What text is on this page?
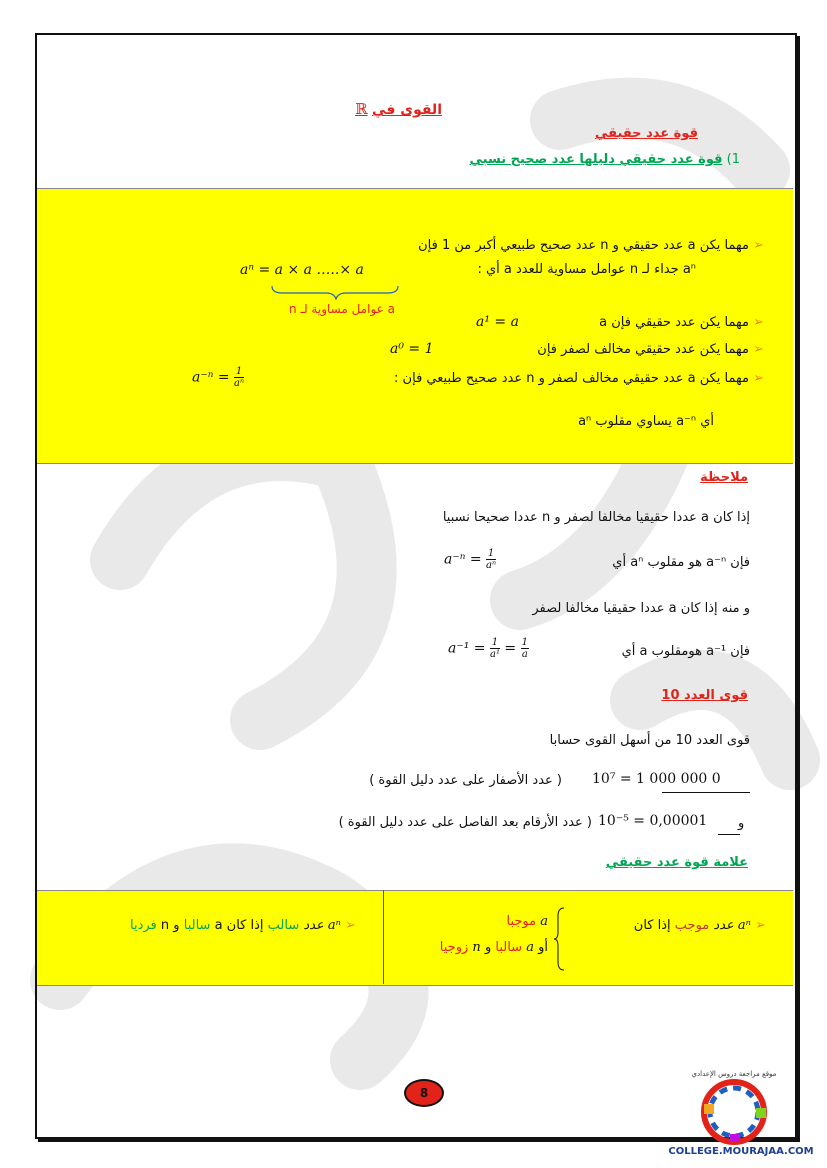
القوى في ℝ
قوة عدد حقيقي
1) قوة عدد حقيقي دليلها عدد صحيح نسبي
➢ مهما يكن a عدد حقيقي و n عدد صحيح طبيعي أكبر من 1 فإن
aⁿ جداء لـ n عوامل مساوية للعدد a أي :
aⁿ = a × a …..× a
a عوامل مساوية لـ n
➢ مهما يكن عدد حقيقي فإن a
a¹ = a
➢ مهما يكن عدد حقيقي مخالف لصفر فإن
a⁰ = 1
➢ مهما يكن a عدد حقيقي مخالف لصفر و n عدد صحيح طبيعي فإن :
$a^{-n} = \frac{1}{\text{aⁿ}}$
أي a⁻ⁿ يساوي مقلوب aⁿ
ملاحظة
إذا كان a عددا حقيقيا مخالفا لصفر و n عددا صحيحا نسبيا
فإن a⁻ⁿ هو مقلوب aⁿ أي
$a^{-n} = \frac{1}{\text{aⁿ}}$
و منه إذا كان a عددا حقيقيا مخالفا لصفر
فإن a⁻¹ هومقلوب a أي
$a^{-1} = \frac{1}{\text{a¹}} = \frac{1}{a}$
قوى العدد 10
قوى العدد 10 من أسهل القوى حسابا
( عدد الأصفار على عدد دليل القوة ) 10⁷ = 1 000 000 0
( عدد الأرقام بعد الفاصل على عدد دليل القوة ) 10⁻⁵ = 0,00001	و
علامة قوة عدد حقيقي
➢ aⁿ عدد موجب إذا كان
a موجبا
أو a سالبا و n زوجيا
➢ aⁿ عدد سالب إذا كان a سالبا و n فرديا
8
موقع مراجعة دروس الإعدادي
COLLEGE.MOURAJAA.COM
